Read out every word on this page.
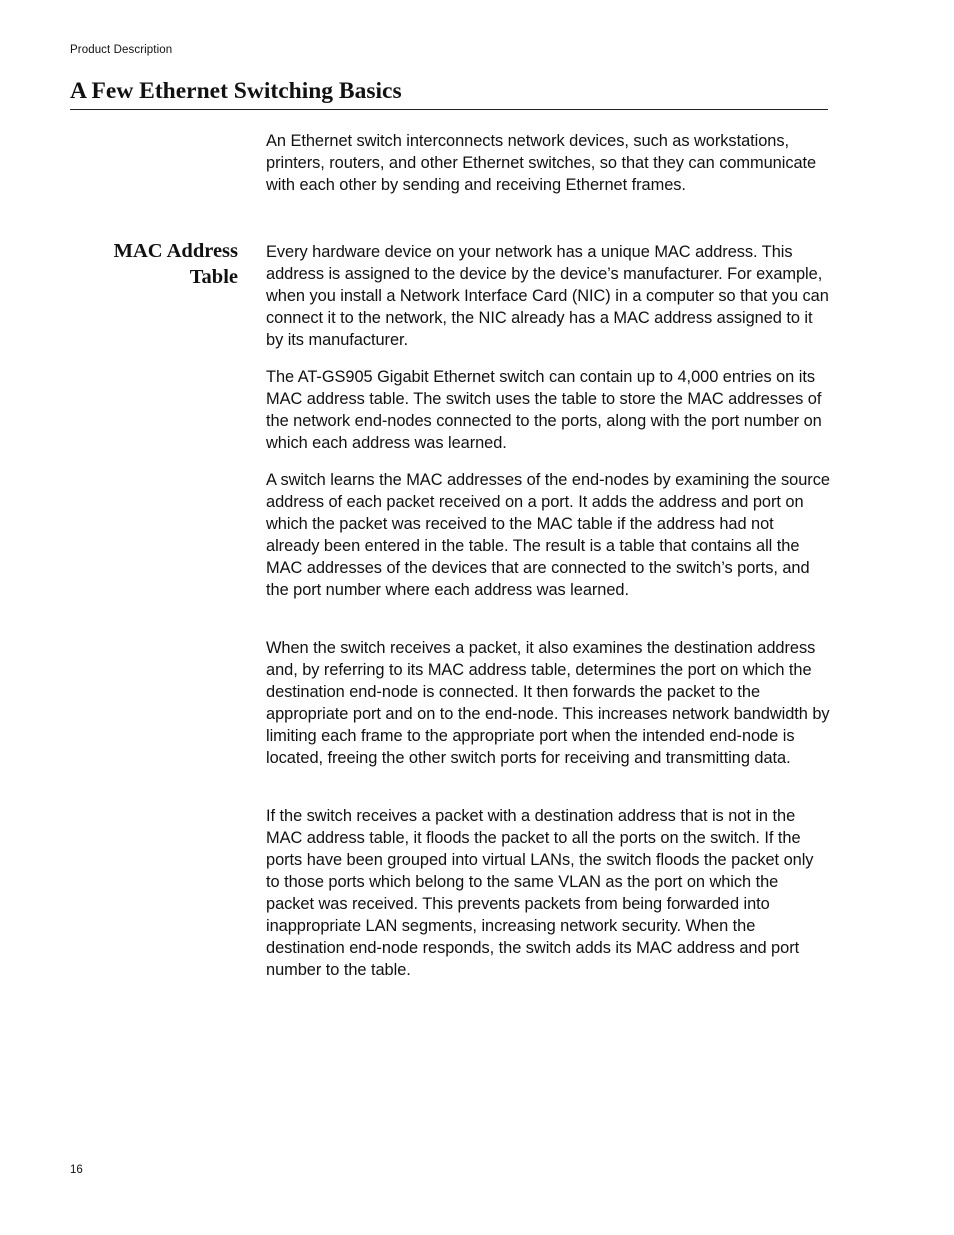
Product Description
A Few Ethernet Switching Basics

An Ethernet switch interconnects network devices, such as workstations, printers, routers, and other Ethernet switches, so that they can communicate with each other by sending and receiving Ethernet frames.

MAC Address
Table

Every hardware device on your network has a unique MAC address. This address is assigned to the device by the device’s manufacturer. For example, when you install a Network Interface Card (NIC) in a computer so that you can connect it to the network, the NIC already has a MAC address assigned to it by its manufacturer.

The AT-GS905 Gigabit Ethernet switch can contain up to 4,000 entries on its MAC address table. The switch uses the table to store the MAC addresses of the network end-nodes connected to the ports, along with the port number on which each address was learned.

A switch learns the MAC addresses of the end-nodes by examining the source address of each packet received on a port. It adds the address and port on which the packet was received to the MAC table if the address had not already been entered in the table. The result is a table that contains all the MAC addresses of the devices that are connected to the switch’s ports, and the port number where each address was learned.

When the switch receives a packet, it also examines the destination address and, by referring to its MAC address table, determines the port on which the destination end-node is connected. It then forwards the packet to the appropriate port and on to the end-node. This increases network bandwidth by limiting each frame to the appropriate port when the intended end-node is located, freeing the other switch ports for receiving and transmitting data.

If the switch receives a packet with a destination address that is not in the MAC address table, it floods the packet to all the ports on the switch. If the ports have been grouped into virtual LANs, the switch floods the packet only to those ports which belong to the same VLAN as the port on which the packet was received. This prevents packets from being forwarded into inappropriate LAN segments, increasing network security. When the destination end-node responds, the switch adds its MAC address and port number to the table.

16
